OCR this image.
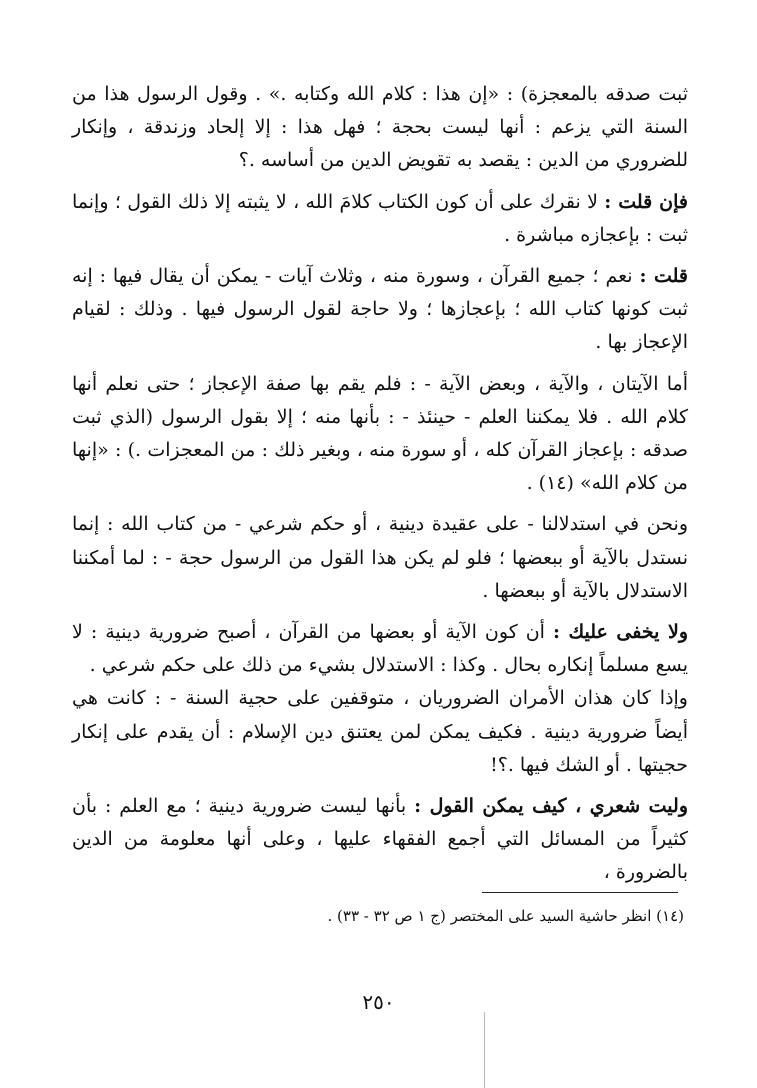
ثبت صدقه بالمعجزة) : «إن هذا : كلام الله وكتابه .» . وقول الرسول هذا من السنة التي يزعم : أنها ليست بحجة ؛ فهل هذا : إلا إلحاد وزندقة ، وإنكار للضروري من الدين : يقصد به تقويض الدين من أساسه .؟

فإن قلت : لا نقرك على أن كون الكتاب كلامَ الله ، لا يثبته إلا ذلك القول ؛ وإنما ثبت : بإعجازه مباشرة .

قلت : نعم ؛ جميع القرآن ، وسورة منه ، وثلاث آيات - يمكن أن يقال فيها : إنه ثبت كونها كتاب الله ؛ بإعجازها ؛ ولا حاجة لقول الرسول فيها . وذلك : لقيام الإعجاز بها .

أما الآيتان ، والآية ، وبعض الآية - : فلم يقم بها صفة الإعجاز ؛ حتى نعلم أنها كلام الله . فلا يمكننا العلم - حينئذ - : بأنها منه ؛ إلا بقول الرسول (الذي ثبت صدقه : بإعجاز القرآن كله ، أو سورة منه ، وبغير ذلك : من المعجزات .) : «إنها من كلام الله» (١٤) .

ونحن في استدلالنا - على عقيدة دينية ، أو حكم شرعي - من كتاب الله : إنما نستدل بالآية أو ببعضها ؛ فلو لم يكن هذا القول من الرسول حجة - : لما أمكننا الاستدلال بالآية أو ببعضها .

ولا يخفى عليك : أن كون الآية أو بعضها من القرآن ، أصبح ضرورية دينية : لا يسع مسلماً إنكاره بحال . وكذا : الاستدلال بشيء من ذلك على حكم شرعي .

وإذا كان هذان الأمران الضروريان ، متوقفين على حجية السنة - : كانت هي أيضاً ضرورية دينية . فكيف يمكن لمن يعتنق دين الإسلام : أن يقدم على إنكار حجيتها . أو الشك فيها .؟!

وليت شعري ، كيف يمكن القول : بأنها ليست ضرورية دينية ؛ مع العلم : بأن كثيراً من المسائل التي أجمع الفقهاء عليها ، وعلى أنها معلومة من الدين بالضرورة ،

(١٤) انظر حاشية السيد على المختصر (ج ١ ص ٣٢ - ٣٣) .
٢٥٠
